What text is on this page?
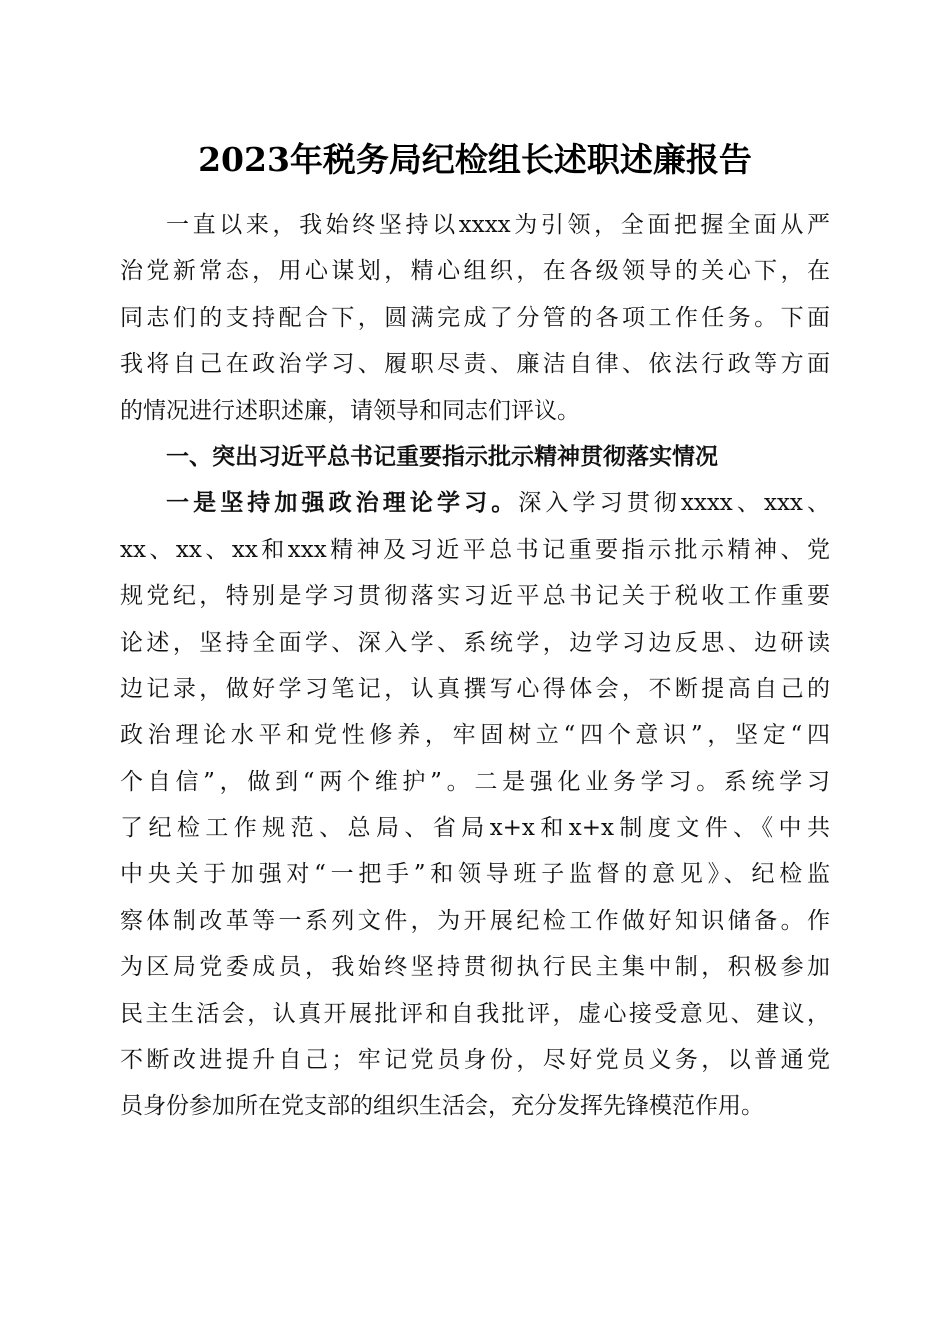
2023年税务局纪检组长述职述廉报告
一直以来，我始终坚持以xxxx为引领，全面把握全面从严
治党新常态，用心谋划，精心组织，在各级领导的关心下，在
同志们的支持配合下，圆满完成了分管的各项工作任务。下面
我将自己在政治学习、履职尽责、廉洁自律、依法行政等方面
的情况进行述职述廉，请领导和同志们评议。
一、突出习近平总书记重要指示批示精神贯彻落实情况
一是坚持加强政治理论学习。深入学习贯彻xxxx、xxx、
xx、xx、xx和xxx精神及习近平总书记重要指示批示精神、党
规党纪，特别是学习贯彻落实习近平总书记关于税收工作重要
论述，坚持全面学、深入学、系统学，边学习边反思、边研读
边记录，做好学习笔记，认真撰写心得体会，不断提高自己的
政治理论水平和党性修养，牢固树立“四个意识”，坚定“四
个自信”，做到“两个维护”。二是强化业务学习。系统学习
了纪检工作规范、总局、省局x+x和x+x制度文件、《中共
中央关于加强对“一把手”和领导班子监督的意见》、纪检监
察体制改革等一系列文件，为开展纪检工作做好知识储备。作
为区局党委成员，我始终坚持贯彻执行民主集中制，积极参加
民主生活会，认真开展批评和自我批评，虚心接受意见、建议，
不断改进提升自己；牢记党员身份，尽好党员义务，以普通党
员身份参加所在党支部的组织生活会，充分发挥先锋模范作用。
